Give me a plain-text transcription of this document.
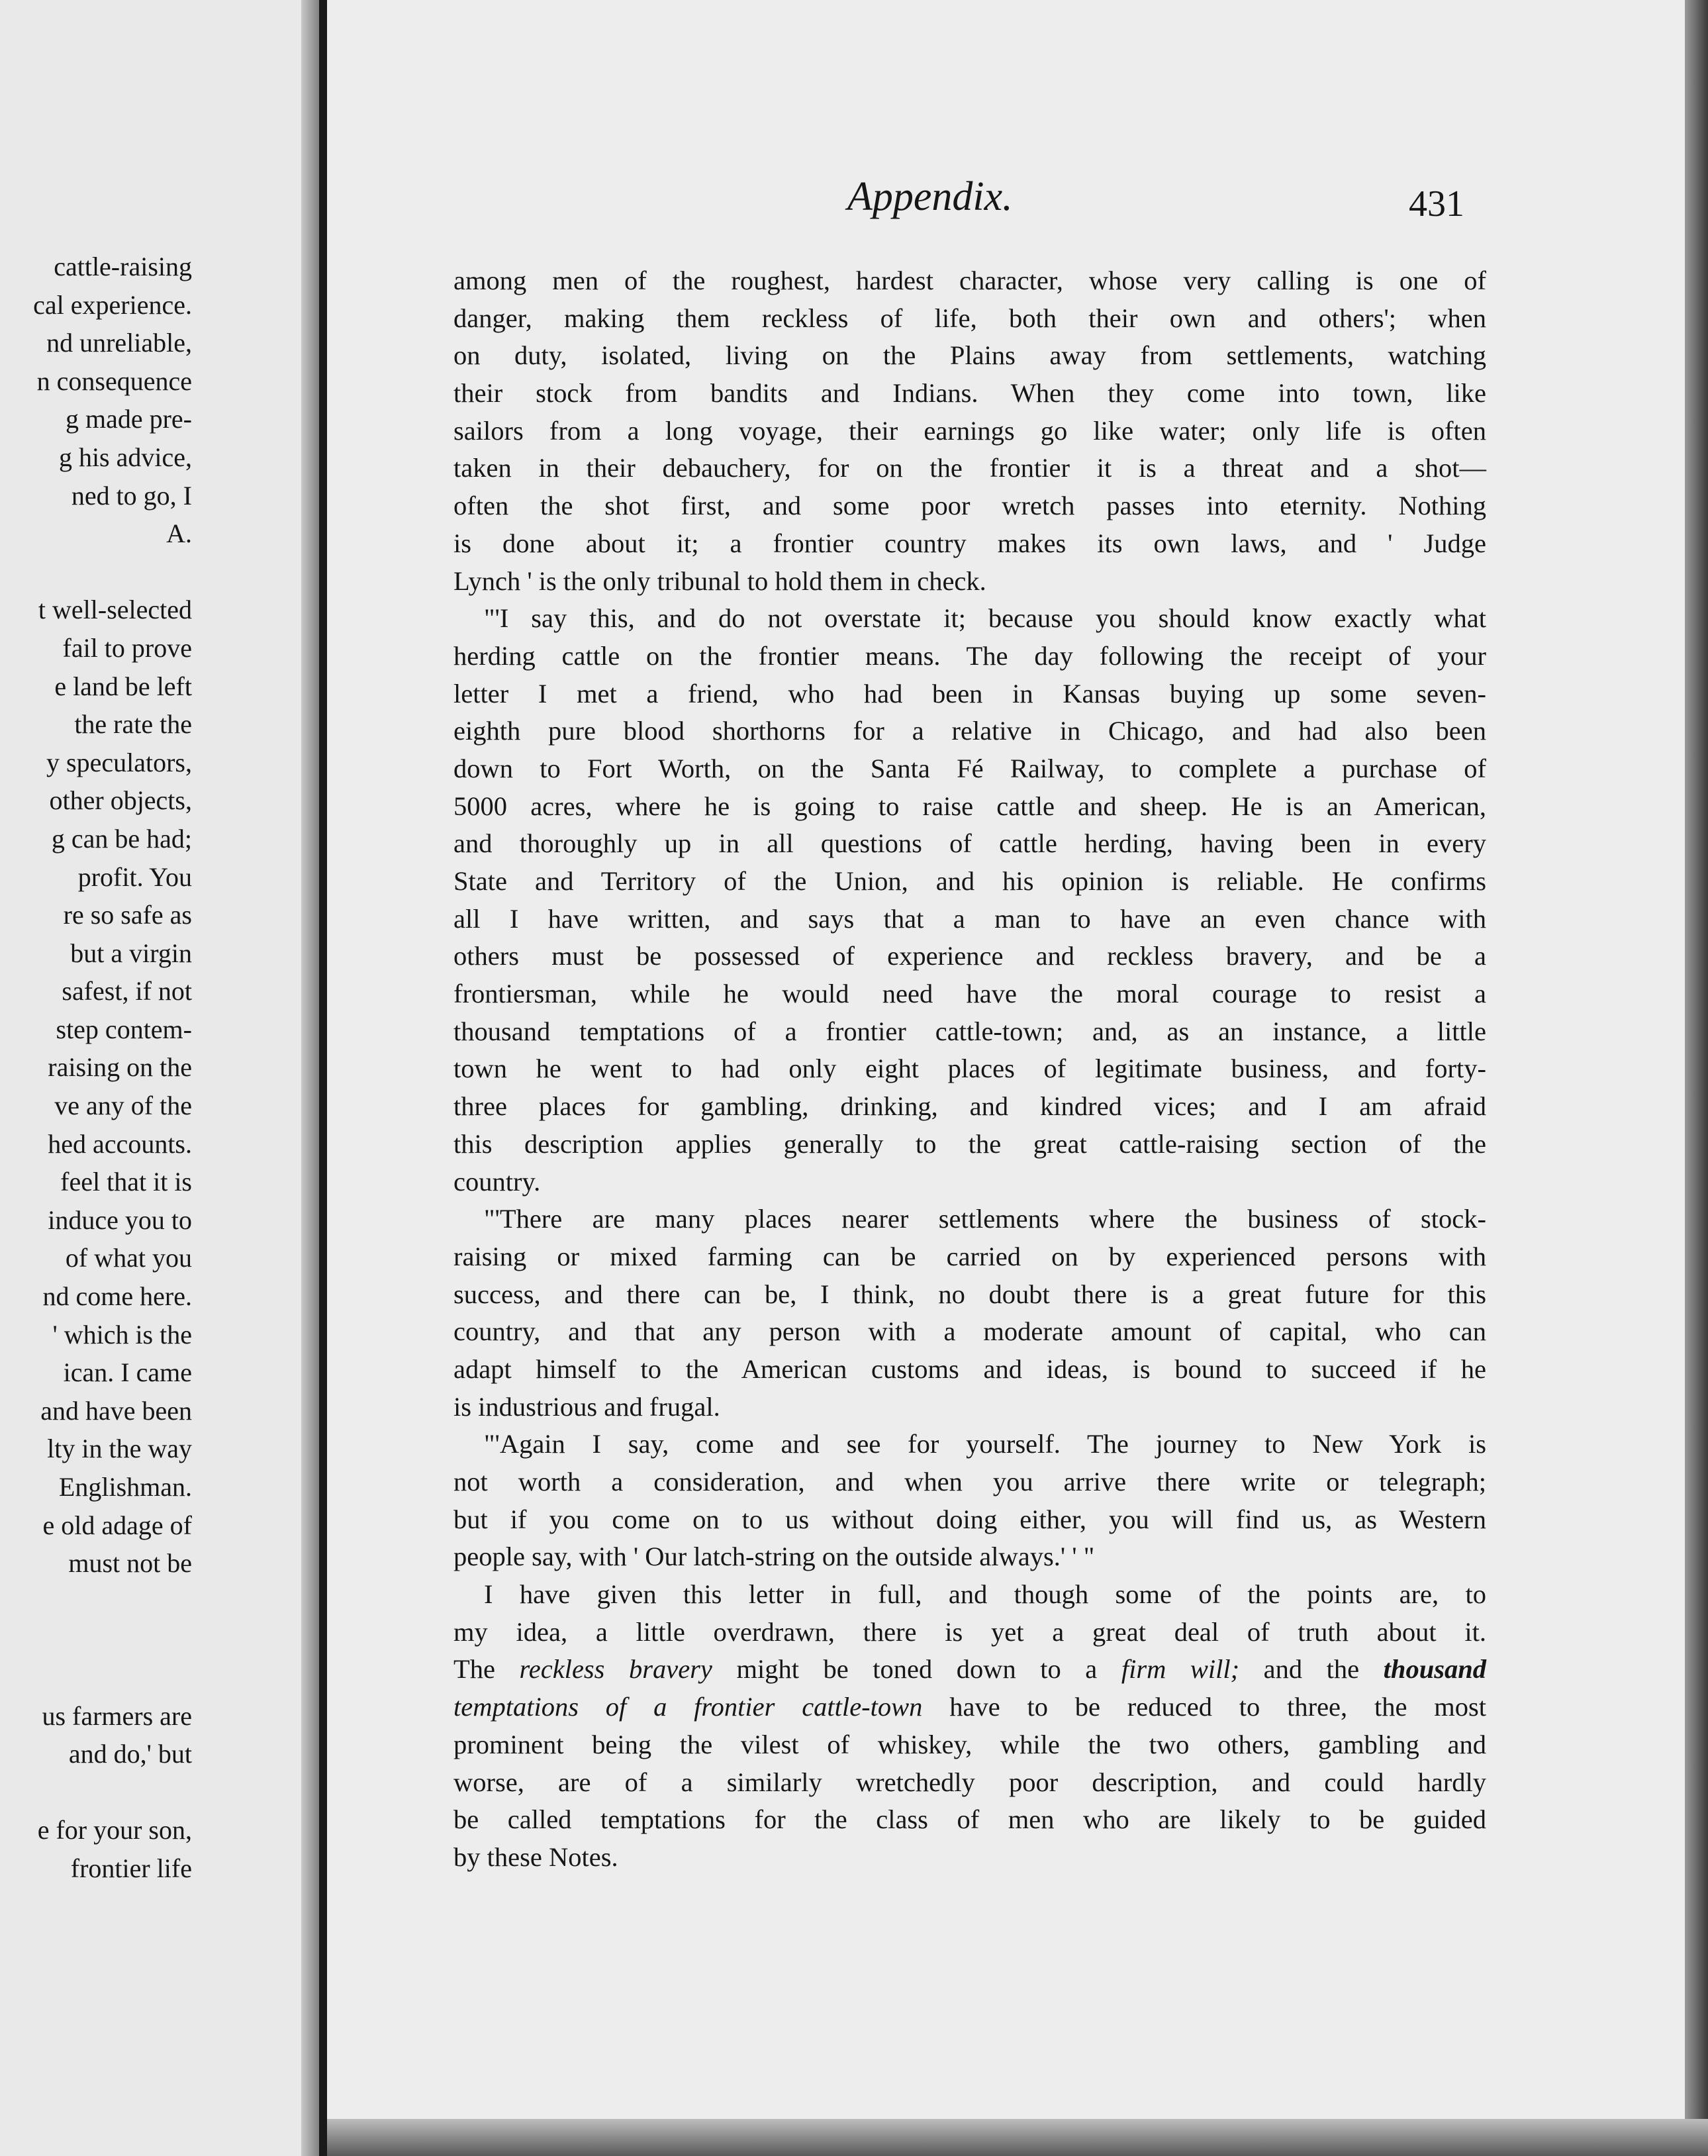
cattle-raising
cal experience.
nd unreliable,
n consequence
g made pre-
g his advice,
ned to go, I
A.
t well-selected
fail to prove
e land be left
the rate the
y speculators,
other objects,
g can be had;
profit. You
re so safe as
but a virgin
safest, if not
step contem-
raising on the
ve any of the
hed accounts.
feel that it is
induce you to
of what you
nd come here.
' which is the
ican. I came
and have been
lty in the way
Englishman.
e old adage of
must not be
us farmers are
and do,' but
e for your son,
frontier life
Appendix.	431
among men of the roughest, hardest character, whose very calling is one of
danger, making them reckless of life, both their own and others'; when
on duty, isolated, living on the Plains away from settlements, watching
their stock from bandits and Indians. When they come into town, like
sailors from a long voyage, their earnings go like water; only life is often
taken in their debauchery, for on the frontier it is a threat and a shot—
often the shot first, and some poor wretch passes into eternity. Nothing
is done about it; a frontier country makes its own laws, and ' Judge
Lynch ' is the only tribunal to hold them in check.
"'I say this, and do not overstate it; because you should know exactly what
herding cattle on the frontier means. The day following the receipt of your
letter I met a friend, who had been in Kansas buying up some seven-
eighth pure blood shorthorns for a relative in Chicago, and had also been
down to Fort Worth, on the Santa Fé Railway, to complete a purchase of
5000 acres, where he is going to raise cattle and sheep. He is an American,
and thoroughly up in all questions of cattle herding, having been in every
State and Territory of the Union, and his opinion is reliable. He confirms
all I have written, and says that a man to have an even chance with
others must be possessed of experience and reckless bravery, and be a
frontiersman, while he would need have the moral courage to resist a
thousand temptations of a frontier cattle-town; and, as an instance, a little
town he went to had only eight places of legitimate business, and forty-
three places for gambling, drinking, and kindred vices; and I am afraid
this description applies generally to the great cattle-raising section of the
country.
"'There are many places nearer settlements where the business of stock-
raising or mixed farming can be carried on by experienced persons with
success, and there can be, I think, no doubt there is a great future for this
country, and that any person with a moderate amount of capital, who can
adapt himself to the American customs and ideas, is bound to succeed if he
is industrious and frugal.
"'Again I say, come and see for yourself. The journey to New York is
not worth a consideration, and when you arrive there write or telegraph;
but if you come on to us without doing either, you will find us, as Western
people say, with ' Our latch-string on the outside always.' ' "
I have given this letter in full, and though some of the points are, to
my idea, a little overdrawn, there is yet a great deal of truth about it.
The reckless bravery might be toned down to a firm will; and the thousand
temptations of a frontier cattle-town have to be reduced to three, the most
prominent being the vilest of whiskey, while the two others, gambling and
worse, are of a similarly wretchedly poor description, and could hardly
be called temptations for the class of men who are likely to be guided
by these Notes.
